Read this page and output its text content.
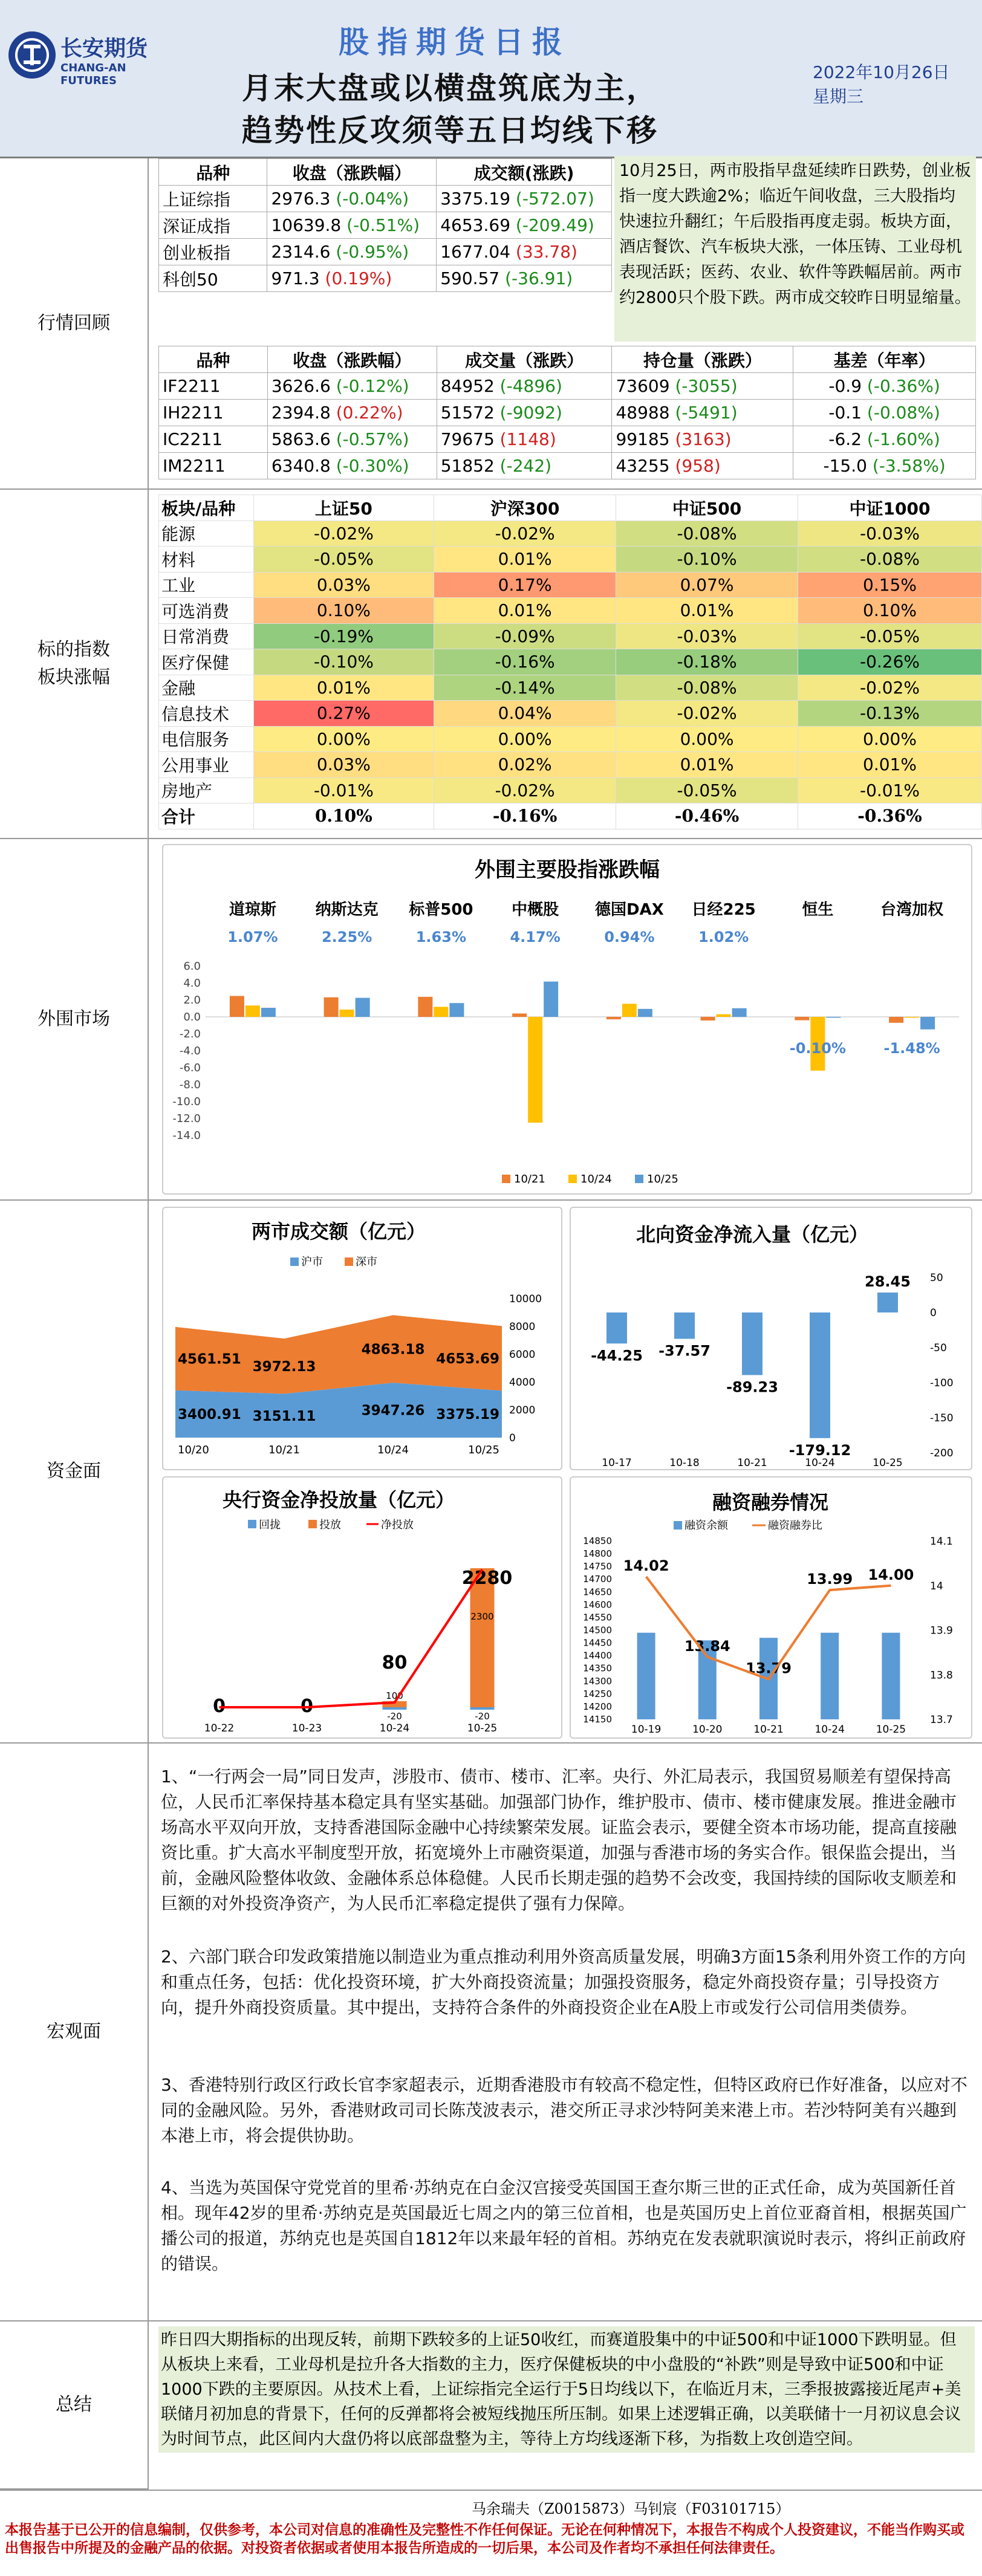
长安期货
CHANG-AN FUTURES
股指期货日报
月末大盘或以横盘筑底为主，
趋势性反攻须等五日均线下移
2022年10月26日
星期三
行情回顾
标的指数
板块涨幅
外围市场
资金面
宏观面
总结
品种	收盘（涨跌幅）	成交额(涨跌)
上证综指	2976.3 (-0.04%)	3375.19 (-572.07)
深证成指	10639.8 (-0.51%)	4653.69 (-209.49)
创业板指	2314.6 (-0.95%)	1677.04 (33.78)
科创50	971.3 (0.19%)	590.57 (-36.91)
10月25日，两市股指早盘延续昨日跌势，创业板指一度大跌逾2%；临近午间收盘，三大股指均快速拉升翻红；午后股指再度走弱。板块方面，酒店餐饮、汽车板块大涨，一体压铸、工业母机表现活跃；医药、农业、软件等跌幅居前。两市约2800只个股下跌。两市成交较昨日明显缩量。
品种	收盘（涨跌幅）	成交量（涨跌）	持仓量（涨跌）	基差（年率）
IF2211	3626.6 (-0.12%)	84952 (-4896)	73609 (-3055)	-0.9 (-0.36%)
IH2211	2394.8 (0.22%)	51572 (-9092)	48988 (-5491)	-0.1 (-0.08%)
IC2211	5863.6 (-0.57%)	79675 (1148)	99185 (3163)	-6.2 (-1.60%)
IM2211	6340.8 (-0.30%)	51852 (-242)	43255 (958)	-15.0 (-3.58%)
板块/品种	上证50	沪深300	中证500	中证1000
能源	-0.02%	-0.02%	-0.08%	-0.03%
材料	-0.05%	0.01%	-0.10%	-0.08%
工业	0.03%	0.17%	0.07%	0.15%
可选消费	0.10%	0.01%	0.01%	0.10%
日常消费	-0.19%	-0.09%	-0.03%	-0.05%
医疗保健	-0.10%	-0.16%	-0.18%	-0.26%
金融	0.01%	-0.14%	-0.08%	-0.02%
信息技术	0.27%	0.04%	-0.02%	-0.13%
电信服务	0.00%	0.00%	0.00%	0.00%
公用事业	0.03%	0.02%	0.01%	0.01%
房地产	-0.01%	-0.02%	-0.05%	-0.01%
合计	0.10%	-0.16%	-0.46%	-0.36%
外围主要股指涨跌幅
6.0
4.0
2.0
0.0
-2.0
-4.0
-6.0
-8.0
-10.0
-12.0
-14.0
道琼斯
1.07%
纳斯达克
2.25%
标普500
1.63%
中概股
4.17%
德国DAX
0.94%
日经225
1.02%
恒生
-0.10%
台湾加权
-1.48%
10/21	10/24	10/25
两市成交额（亿元）
沪市	深市
10/20
4561.51
3400.91
10/21
3972.13
3151.11
10/24
4863.18
3947.26
10/25
4653.69
3375.19
10000
8000
6000
4000
2000
0
北向资金净流入量（亿元）
-44.25
10-17
-37.57
10-18
-89.23
10-21
-179.12
10-24
28.45
10-25
50
0
-50
-100
-150
-200
央行资金净投放量（亿元）
回拢	投放	净投放
10-22
0
10-23
0
10-24
80
100
-20
10-25
2280
2300
-20
融资融券情况
融资余额	融资融券比
14850
14800
14750
14700
14650
14600
14550
14500
14450
14400
14350
14300
14250
14200
14150
14.1
14
13.9
13.8
13.7
10-19
14.02
10-20
13.84
10-21
13.79
10-24
13.99
10-25
14.00
1、“一行两会一局”同日发声，涉股市、债市、楼市、汇率。央行、外汇局表示，我国贸易顺差有望保持高位，人民币汇率保持基本稳定具有坚实基础。加强部门协作，维护股市、债市、楼市健康发展。推进金融市场高水平双向开放，支持香港国际金融中心持续繁荣发展。证监会表示，要健全资本市场功能，提高直接融资比重。扩大高水平制度型开放，拓宽境外上市融资渠道，加强与香港市场的务实合作。银保监会提出，当前，金融风险整体收敛、金融体系总体稳健。人民币长期走强的趋势不会改变，我国持续的国际收支顺差和巨额的对外投资净资产，为人民币汇率稳定提供了强有力保障。
2、六部门联合印发政策措施以制造业为重点推动利用外资高质量发展，明确3方面15条利用外资工作的方向和重点任务，包括：优化投资环境，扩大外商投资流量；加强投资服务，稳定外商投资存量；引导投资方向，提升外商投资质量。其中提出，支持符合条件的外商投资企业在A股上市或发行公司信用类债券。
3、香港特别行政区行政长官李家超表示，近期香港股市有较高不稳定性，但特区政府已作好准备，以应对不同的金融风险。另外，香港财政司司长陈茂波表示，港交所正寻求沙特阿美来港上市。若沙特阿美有兴趣到本港上市，将会提供协助。
4、当选为英国保守党党首的里希·苏纳克在白金汉宫接受英国国王查尔斯三世的正式任命，成为英国新任首相。现年42岁的里希·苏纳克是英国最近七周之内的第三位首相，也是英国历史上首位亚裔首相，根据英国广播公司的报道，苏纳克也是英国自1812年以来最年轻的首相。苏纳克在发表就职演说时表示，将纠正前政府的错误。
昨日四大期指标的出现反转，前期下跌较多的上证50收红，而赛道股集中的中证500和中证1000下跌明显。但从板块上来看，工业母机是拉升各大指数的主力，医疗保健板块的中小盘股的“补跌”则是导致中证500和中证1000下跌的主要原因。从技术上看，上证综指完全运行于5日均线以下，在临近月末，三季报披露接近尾声+美联储月初加息的背景下，任何的反弹都将会被短线抛压所压制。如果上述逻辑正确，以美联储十一月初议息会议为时间节点，此区间内大盘仍将以底部盘整为主，等待上方均线逐渐下移，为指数上攻创造空间。
马余瑞夫（Z0015873）马钊宸（F03101715）
本报告基于已公开的信息编制，仅供参考，本公司对信息的准确性及完整性不作任何保证。无论在何种情况下，本报告不构成个人投资建议，不能当作购买或出售报告中所提及的金融产品的依据。对投资者依据或者使用本报告所造成的一切后果，本公司及作者均不承担任何法律责任。
